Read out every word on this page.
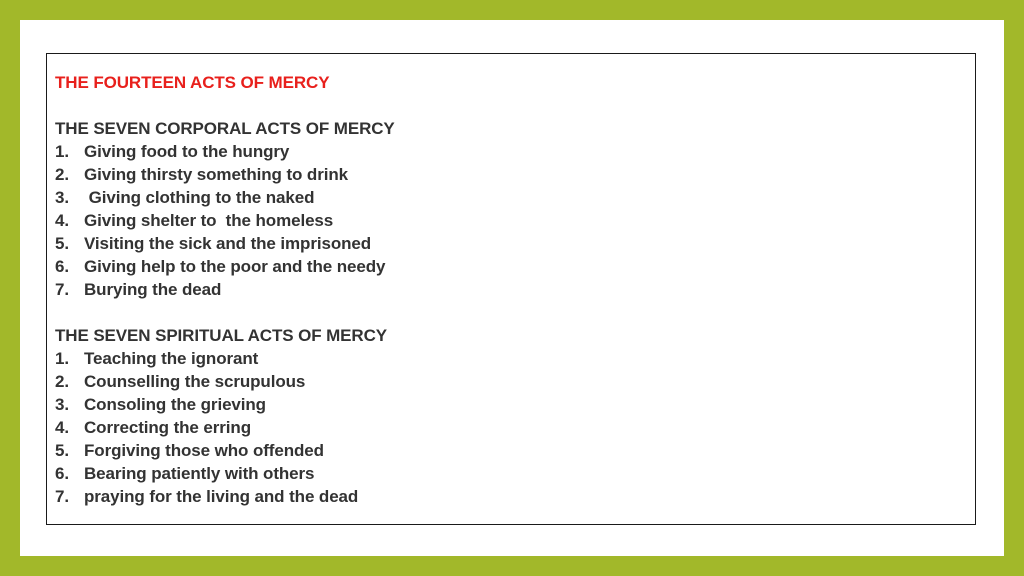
THE FOURTEEN ACTS OF MERCY
THE SEVEN CORPORAL ACTS OF MERCY
1. Giving food to the hungry
2. Giving thirsty something to drink
3. Giving clothing to the naked
4. Giving shelter to  the homeless
5. Visiting the sick and the imprisoned
6. Giving help to the poor and the needy
7. Burying the dead
THE SEVEN SPIRITUAL ACTS OF MERCY
1. Teaching the ignorant
2. Counselling the scrupulous
3. Consoling the grieving
4. Correcting the erring
5. Forgiving those who offended
6. Bearing patiently with others
7. praying for the living and the dead
